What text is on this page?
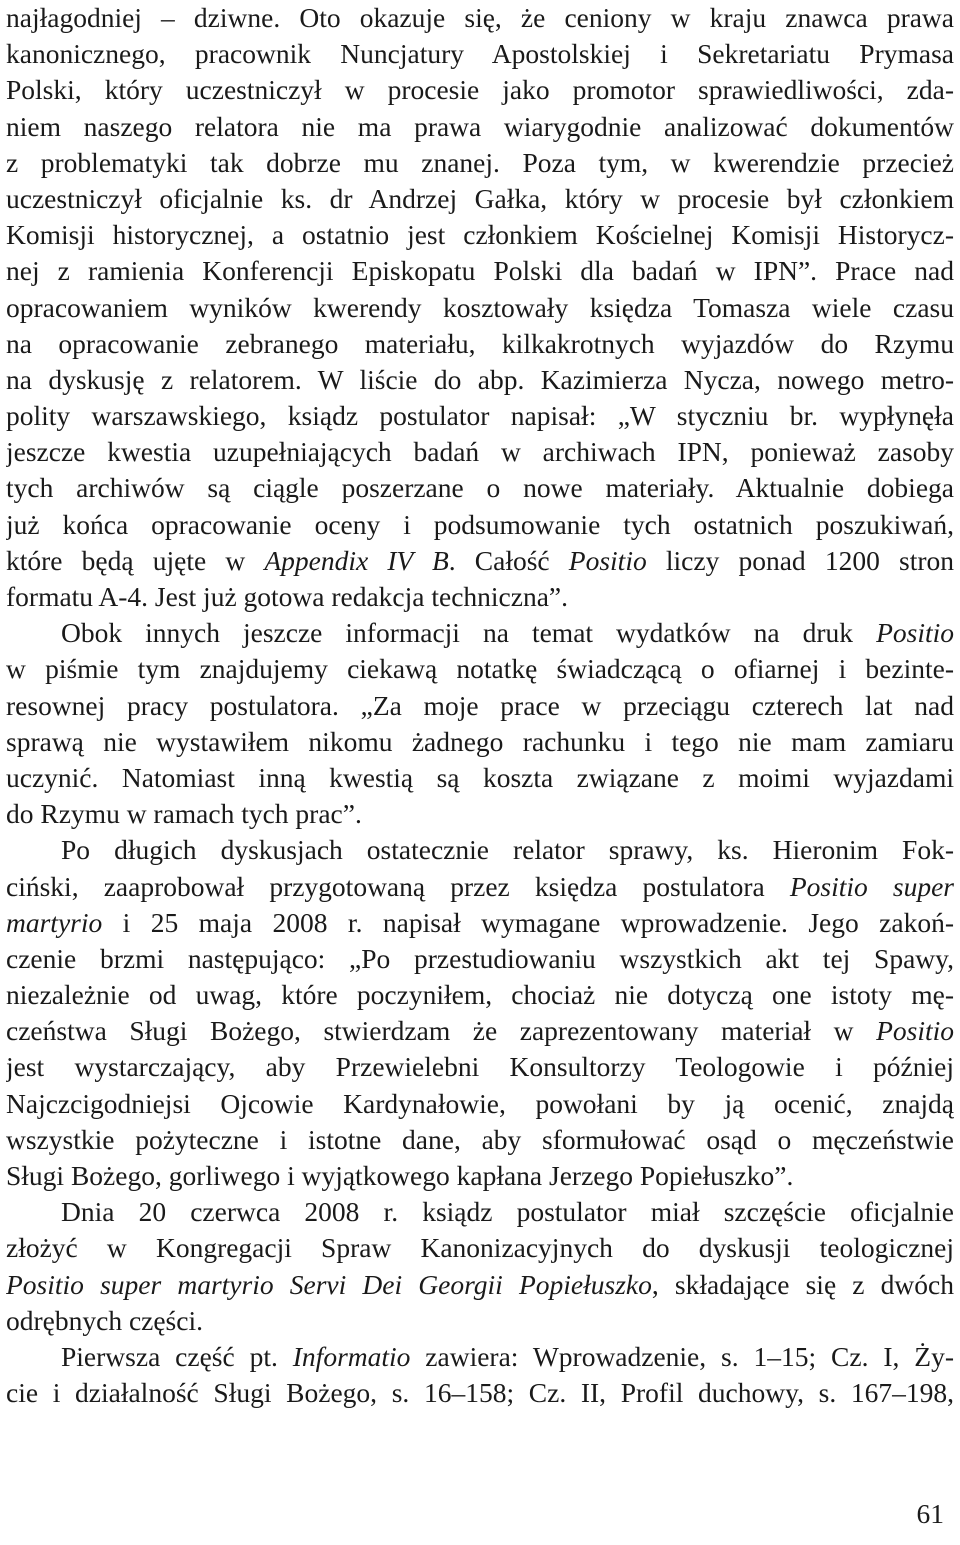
najłagodniej – dziwne. Oto okazuje się, że ceniony w kraju znawca prawa
kanonicznego, pracownik Nuncjatury Apostolskiej i Sekretariatu Prymasa
Polski, który uczestniczył w procesie jako promotor sprawiedliwości, zda-
niem naszego relatora nie ma prawa wiarygodnie analizować dokumentów
z problematyki tak dobrze mu znanej. Poza tym, w kwerendzie przecież
uczestniczył oficjalnie ks. dr Andrzej Gałka, który w procesie był członkiem
Komisji historycznej, a ostatnio jest członkiem Kościelnej Komisji Historycz-
nej z ramienia Konferencji Episkopatu Polski dla badań w IPN”. Prace nad
opracowaniem wyników kwerendy kosztowały księdza Tomasza wiele czasu
na opracowanie zebranego materiału, kilkakrotnych wyjazdów do Rzymu
na dyskusję z relatorem. W liście do abp. Kazimierza Nycza, nowego metro-
polity warszawskiego, ksiądz postulator napisał: „W styczniu br. wypłynęła
jeszcze kwestia uzupełniających badań w archiwach IPN, ponieważ zasoby
tych archiwów są ciągle poszerzane o nowe materiały. Aktualnie dobiega
już końca opracowanie oceny i podsumowanie tych ostatnich poszukiwań,
które będą ujęte w Appendix IV B. Całość Positio liczy ponad 1200 stron
formatu A-4. Jest już gotowa redakcja techniczna”.
Obok innych jeszcze informacji na temat wydatków na druk Positio
w piśmie tym znajdujemy ciekawą notatkę świadczącą o ofiarnej i bezinte-
resownej pracy postulatora. „Za moje prace w przeciągu czterech lat nad
sprawą nie wystawiłem nikomu żadnego rachunku i tego nie mam zamiaru
uczynić. Natomiast inną kwestią są koszta związane z moimi wyjazdami
do Rzymu w ramach tych prac”.
Po długich dyskusjach ostatecznie relator sprawy, ks. Hieronim Fok-
ciński, zaaprobował przygotowaną przez księdza postulatora Positio super
martyrio i 25 maja 2008 r. napisał wymagane wprowadzenie. Jego zakoń-
czenie brzmi następująco: „Po przestudiowaniu wszystkich akt tej Spawy,
niezależnie od uwag, które poczyniłem, chociaż nie dotyczą one istoty mę-
czeństwa Sługi Bożego, stwierdzam że zaprezentowany materiał w Positio
jest wystarczający, aby Przewielebni Konsultorzy Teologowie i później
Najczcigodniejsi Ojcowie Kardynałowie, powołani by ją ocenić, znajdą
wszystkie pożyteczne i istotne dane, aby sformułować osąd o męczeństwie
Sługi Bożego, gorliwego i wyjątkowego kapłana Jerzego Popiełuszko”.
Dnia 20 czerwca 2008 r. ksiądz postulator miał szczęście oficjalnie
złożyć w Kongregacji Spraw Kanonizacyjnych do dyskusji teologicznej
Positio super martyrio Servi Dei Georgii Popiełuszko, składające się z dwóch
odrębnych części.
Pierwsza część pt. Informatio zawiera: Wprowadzenie, s. 1–15; Cz. I, Ży-
cie i działalność Sługi Bożego, s. 16–158; Cz. II, Profil duchowy, s. 167–198,
61
